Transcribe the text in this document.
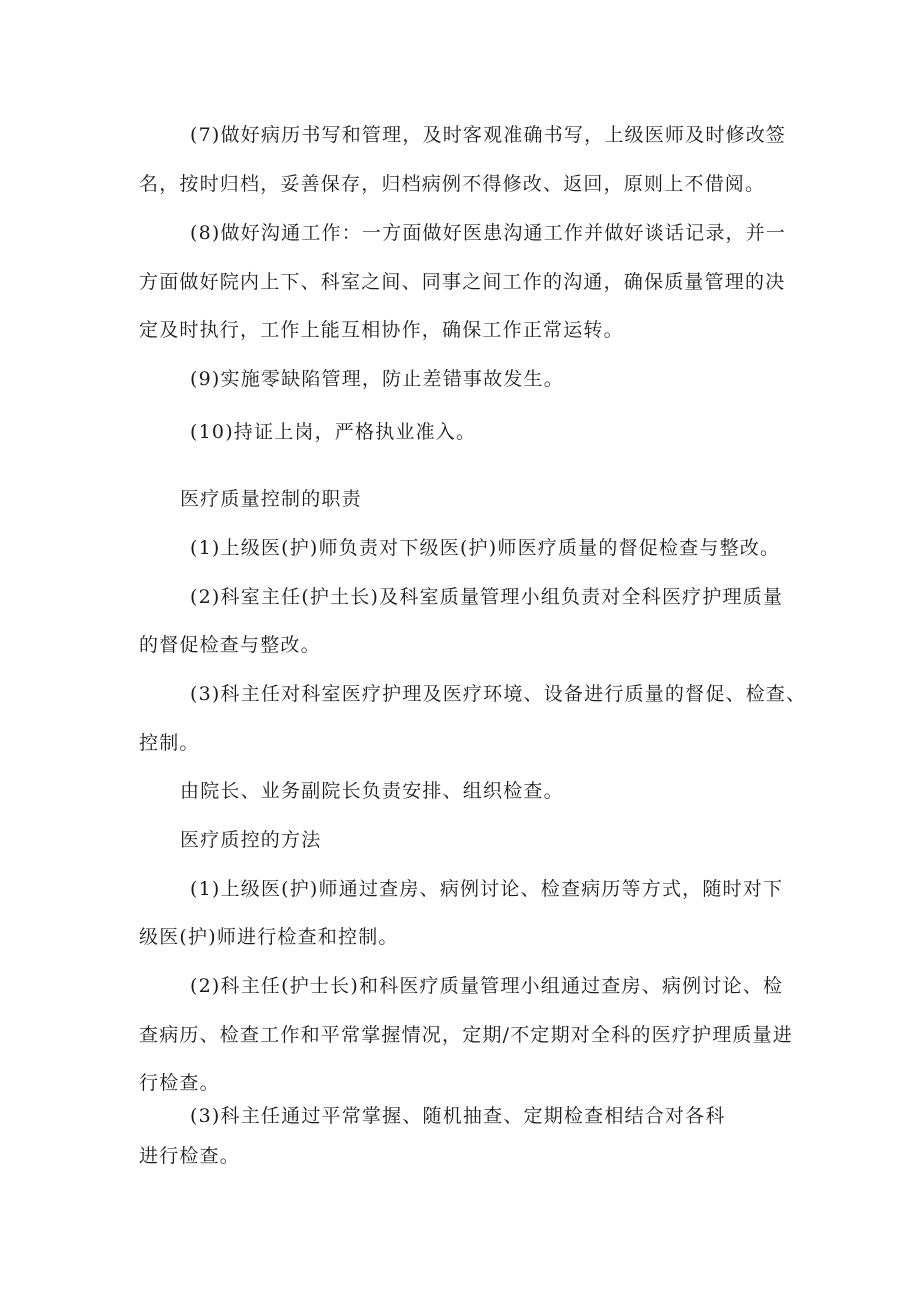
(7)做好病历书写和管理，及时客观准确书写，上级医师及时修改签
名，按时归档，妥善保存，归档病例不得修改、返回，原则上不借阅。
(8)做好沟通工作：一方面做好医患沟通工作并做好谈话记录，并一
方面做好院内上下、科室之间、同事之间工作的沟通，确保质量管理的决
定及时执行，工作上能互相协作，确保工作正常运转。
(9)实施零缺陷管理，防止差错事故发生。
(10)持证上岗，严格执业准入。
医疗质量控制的职责
(1)上级医(护)师负责对下级医(护)师医疗质量的督促检查与整改。
(2)科室主任(护土长)及科室质量管理小组负责对全科医疗护理质量
的督促检查与整改。
(3)科主任对科室医疗护理及医疗环境、设备进行质量的督促、检查、
控制。
由院长、业务副院长负责安排、组织检查。
医疗质控的方法
(1)上级医(护)师通过查房、病例讨论、检查病历等方式，随时对下
级医(护)师进行检查和控制。
(2)科主任(护士长)和科医疗质量管理小组通过查房、病例讨论、检
查病历、检查工作和平常掌握情况，定期/不定期对全科的医疗护理质量进
行检查。
(3)科主任通过平常掌握、随机抽查、定期检查相结合对各科
进行检查。
